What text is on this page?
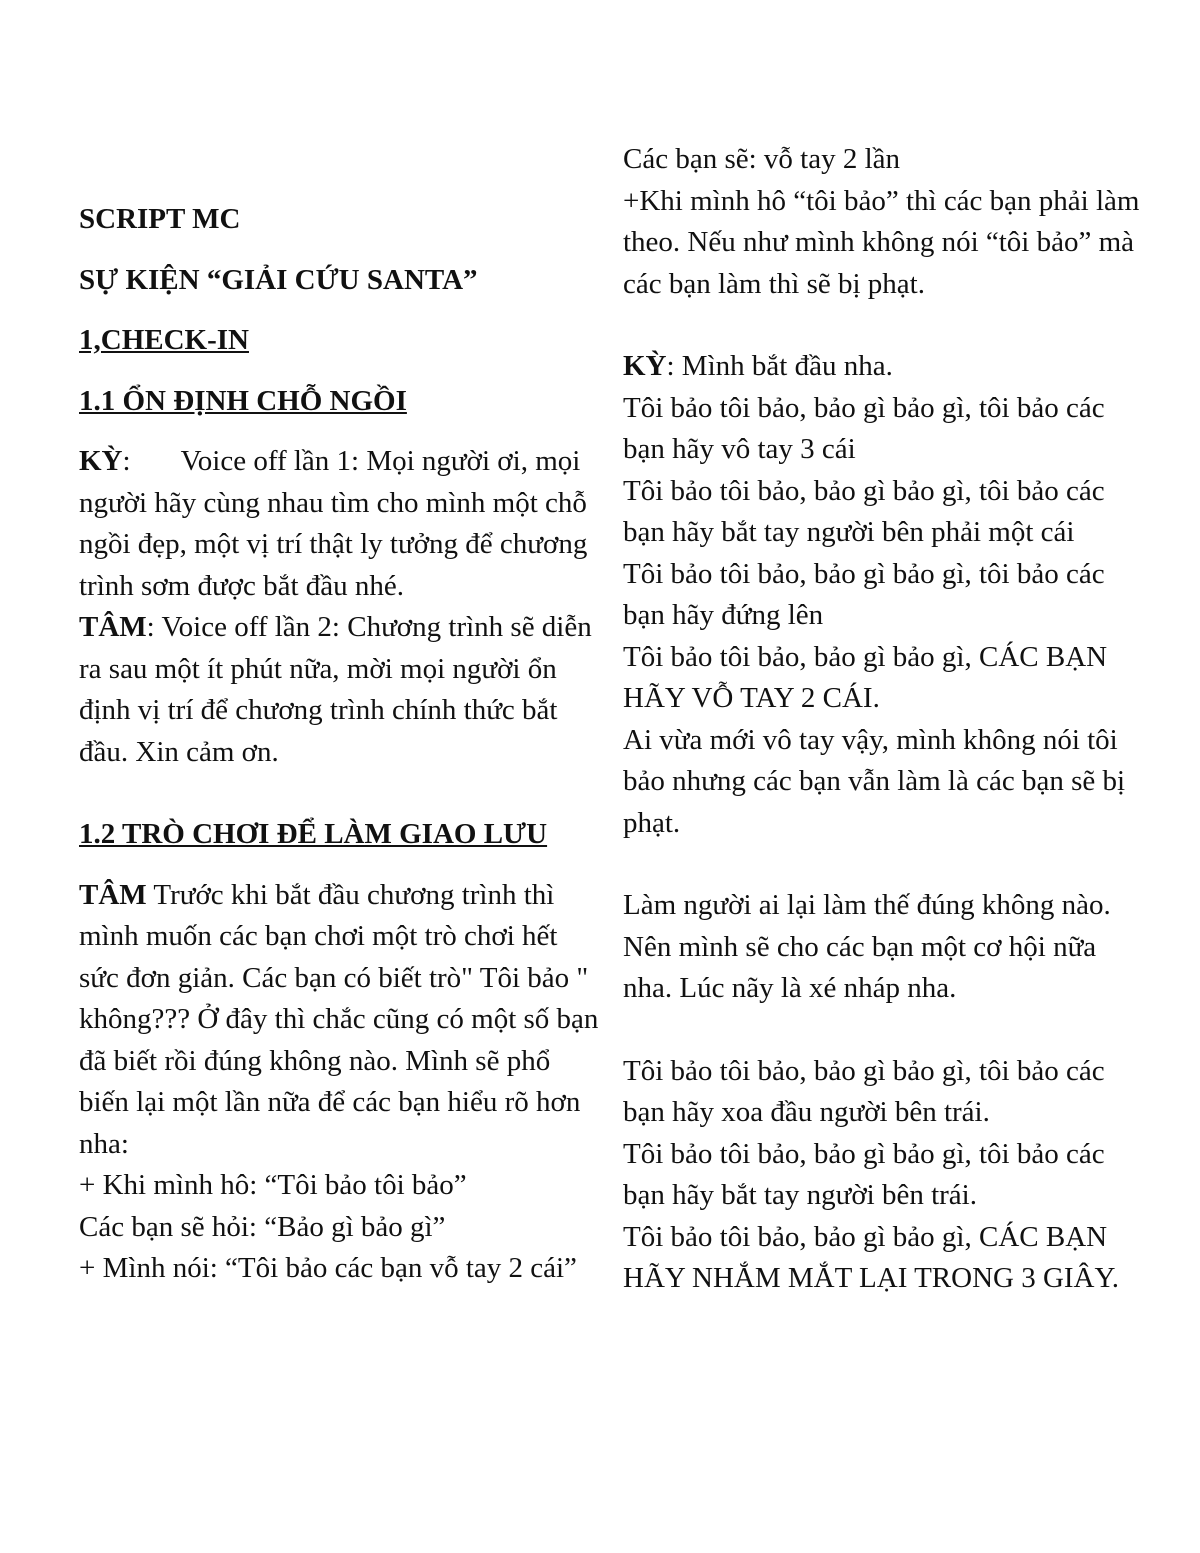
SCRIPT MC

SỰ KIỆN “GIẢI CỨU SANTA”

1,CHECK-IN

1.1 ỔN ĐỊNH CHỖ NGỒI

KỲ: Voice off lần 1: Mọi người ơi, mọi người hãy cùng nhau tìm cho mình một chỗ ngồi đẹp, một vị trí thật ly tưởng để chương trình sơm được bắt đầu nhé.

TÂM: Voice off lần 2: Chương trình sẽ diễn ra sau một ít phút nữa, mời mọi người ổn định vị trí để chương trình chính thức bắt đầu. Xin cảm ơn.

1.2 TRÒ CHƠI ĐỂ LÀM GIAO LƯU

TÂM Trước khi bắt đầu chương trình thì mình muốn các bạn chơi một trò chơi hết sức đơn giản. Các bạn có biết trò" Tôi bảo " không??? Ở đây thì chắc cũng có một số bạn đã biết rồi đúng không nào. Mình sẽ phổ biến lại một lần nữa để các bạn hiểu rõ hơn nha:

+ Khi mình hô: “Tôi bảo tôi bảo”

Các bạn sẽ hỏi: “Bảo gì bảo gì”

+ Mình nói: “Tôi bảo các bạn vỗ tay 2 cái”

Các bạn sẽ: vỗ tay 2 lần

+Khi mình hô “tôi bảo” thì các bạn phải làm theo. Nếu như mình không nói “tôi bảo” mà các bạn làm thì sẽ bị phạt.

KỲ: Mình bắt đầu nha.

Tôi bảo tôi bảo, bảo gì bảo gì, tôi bảo các bạn hãy vô tay 3 cái

Tôi bảo tôi bảo, bảo gì bảo gì, tôi bảo các bạn hãy bắt tay người bên phải một cái

Tôi bảo tôi bảo, bảo gì bảo gì, tôi bảo các bạn hãy đứng lên

Tôi bảo tôi bảo, bảo gì bảo gì, CÁC BẠN HÃY VỖ TAY 2 CÁI.

Ai vừa mới vô tay vậy, mình không nói tôi bảo nhưng các bạn vẫn làm là các bạn sẽ bị phạt.

Làm người ai lại làm thế đúng không nào. Nên mình sẽ cho các bạn một cơ hội nữa nha. Lúc nãy là xé nháp nha.

Tôi bảo tôi bảo, bảo gì bảo gì, tôi bảo các bạn hãy xoa đầu người bên trái.

Tôi bảo tôi bảo, bảo gì bảo gì, tôi bảo các bạn hãy bắt tay người bên trái.

Tôi bảo tôi bảo, bảo gì bảo gì, CÁC BẠN HÃY NHẮM MẮT LẠI TRONG 3 GIÂY.
